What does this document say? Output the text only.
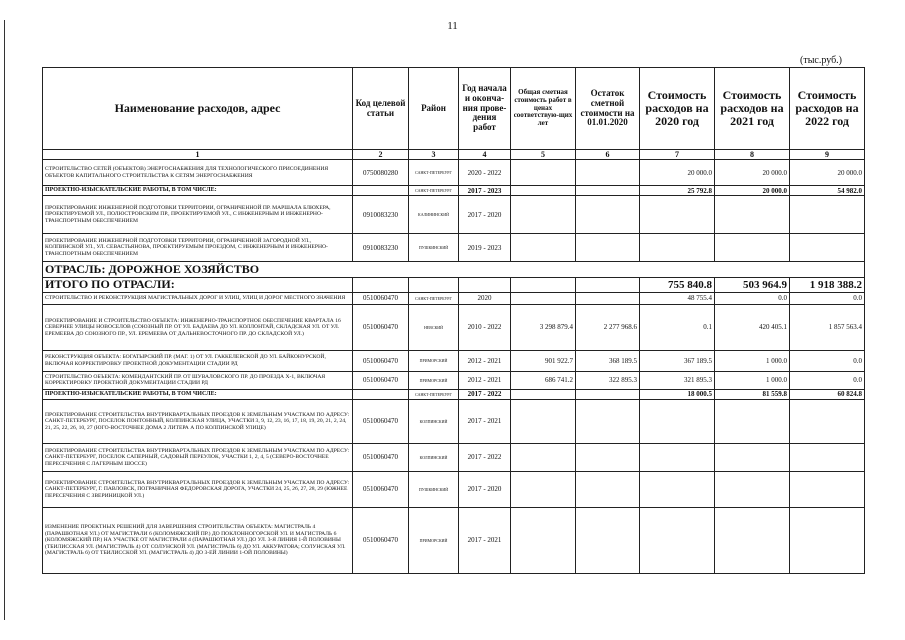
11
(тыс.руб.)
Наименование расходов, адрес	Код целевой статьи	Район	Год начала и оконча-ния прове-дения работ	Общая сметная стоимость работ в ценах соответствую-щих лет	Остаток сметной стоимости на 01.01.2020	Стоимость расходов на 2020 год	Стоимость расходов на 2021 год	Стоимость расходов на 2022 год
1	2	3	4	5	6	7	8	9
СТРОИТЕЛЬСТВО СЕТЕЙ (ОБЪЕКТОВ) ЭНЕРГОСНАБЖЕНИЯ ДЛЯ ТЕХНОЛОГИЧЕСКОГО ПРИСОЕДИНЕНИЯ ОБЪЕКТОВ КАПИТАЛЬНОГО СТРОИТЕЛЬСТВА К СЕТЯМ ЭНЕРГОСНАБЖЕНИЯ	0750080280	САНКТ-ПЕТЕРБУРГ	2020 - 2022			20 000.0	20 000.0	20 000.0
ПРОЕКТНО-ИЗЫСКАТЕЛЬСКИЕ РАБОТЫ, В ТОМ ЧИСЛЕ:		САНКТ-ПЕТЕРБУРГ	2017 - 2023			25 792.8	20 000.0	54 982.0
ПРОЕКТИРОВАНИЕ ИНЖЕНЕРНОЙ ПОДГОТОВКИ ТЕРРИТОРИИ, ОГРАНИЧЕННОЙ ПР. МАРШАЛА БЛЮХЕРА, ПРОЕКТИРУЕМОЙ УЛ., ПОЛЮСТРОВСКИМ ПР., ПРОЕКТИРУЕМОЙ УЛ., С ИНЖЕНЕРНЫМ И ИНЖЕНЕРНО-ТРАНСПОРТНЫМ ОБЕСПЕЧЕНИЕМ	0910083230	КАЛИНИНСКИЙ	2017 - 2020					
ПРОЕКТИРОВАНИЕ ИНЖЕНЕРНОЙ ПОДГОТОВКИ ТЕРРИТОРИИ, ОГРАНИЧЕННОЙ ЗАГОРОДНОЙ УЛ., КОЛПИНСКОЙ УЛ., УЛ. СЕВАСТЬЯНОВА, ПРОЕКТИРУЕМЫМ ПРОЕЗДОМ, С ИНЖЕНЕРНЫМ И ИНЖЕНЕРНО-ТРАНСПОРТНЫМ ОБЕСПЕЧЕНИЕМ	0910083230	ПУШКИНСКИЙ	2019 - 2023					
ОТРАСЛЬ: ДОРОЖНОЕ ХОЗЯЙСТВО								
ИТОГО ПО ОТРАСЛИ:						755 840.8	503 964.9	1 918 388.2
СТРОИТЕЛЬСТВО И РЕКОНСТРУКЦИЯ МАГИСТРАЛЬНЫХ ДОРОГ И УЛИЦ, УЛИЦ И ДОРОГ МЕСТНОГО ЗНАЧЕНИЯ	0510060470	САНКТ-ПЕТЕРБУРГ	2020			48 755.4	0.0	0.0
ПРОЕКТИРОВАНИЕ И СТРОИТЕЛЬСТВО ОБЪЕКТА: ИНЖЕНЕРНО-ТРАНСПОРТНОЕ ОБЕСПЕЧЕНИЕ КВАРТАЛА 16 СЕВЕРНЕЕ УЛИЦЫ НОВОСЕЛОВ (СОЮЗНЫЙ ПР. ОТ УЛ. БАДАЕВА ДО УЛ. КОЛЛОНТАЙ, СКЛАДСКАЯ УЛ. ОТ УЛ. ЕРЕМЕЕВА ДО СОЮЗНОГО ПР., УЛ. ЕРЕМЕЕВА ОТ ДАЛЬНЕВОСТОЧНОГО ПР. ДО СКЛАДСКОЙ УЛ.)	0510060470	НЕВСКИЙ	2010 - 2022	3 298 879.4	2 277 968.6	0.1	420 405.1	1 857 563.4
РЕКОНСТРУКЦИЯ ОБЪЕКТА: БОГАТЫРСКИЙ ПР. (МАГ. 1) ОТ УЛ. ГАККЕЛЕВСКОЙ ДО УЛ. БАЙКОНУРСКОЙ, ВКЛЮЧАЯ КОРРЕКТИРОВКУ ПРОЕКТНОЙ ДОКУМЕНТАЦИИ СТАДИИ РД	0510060470	ПРИМОРСКИЙ	2012 - 2021	901 922.7	368 189.5	367 189.5	1 000.0	0.0
СТРОИТЕЛЬСТВО ОБЪЕКТА: КОМЕНДАНТСКИЙ ПР. ОТ ШУВАЛОВСКОГО ПР. ДО ПРОЕЗДА Х-1, ВКЛЮЧАЯ КОРРЕКТИРОВКУ ПРОЕКТНОЙ ДОКУМЕНТАЦИИ СТАДИИ РД	0510060470	ПРИМОРСКИЙ	2012 - 2021	686 741.2	322 895.3	321 895.3	1 000.0	0.0
ПРОЕКТНО-ИЗЫСКАТЕЛЬСКИЕ РАБОТЫ, В ТОМ ЧИСЛЕ:		САНКТ-ПЕТЕРБУРГ	2017 - 2022			18 000.5	81 559.8	60 824.8
ПРОЕКТИРОВАНИЕ СТРОИТЕЛЬСТВА ВНУТРИКВАРТАЛЬНЫХ ПРОЕЗДОВ К ЗЕМЕЛЬНЫМ УЧАСТКАМ ПО АДРЕСУ: САНКТ-ПЕТЕРБУРГ, ПОСЕЛОК ПОНТОННЫЙ, КОЛПИНСКАЯ УЛИЦА, УЧАСТКИ 3, 9, 12, 23, 16, 17, 18, 19, 20, 21, 2, 24, 21, 25, 22, 26, 10, 27 (ЮГО-ВОСТОЧНЕЕ ДОМА 2 ЛИТЕРА А ПО КОЛПИНСКОЙ УЛИЦЕ)	0510060470	КОЛПИНСКИЙ	2017 - 2021					
ПРОЕКТИРОВАНИЕ СТРОИТЕЛЬСТВА ВНУТРИКВАРТАЛЬНЫХ ПРОЕЗДОВ К ЗЕМЕЛЬНЫМ УЧАСТКАМ ПО АДРЕСУ: САНКТ-ПЕТЕРБУРГ, ПОСЕЛОК САПЕРНЫЙ, САДОВЫЙ ПЕРЕУЛОК, УЧАСТКИ 1, 2, 4, 5 (СЕВЕРО-ВОСТОЧНЕЕ ПЕРЕСЕЧЕНИЯ С ЛАГЕРНЫМ ШОССЕ)	0510060470	КОЛПИНСКИЙ	2017 - 2022					
ПРОЕКТИРОВАНИЕ СТРОИТЕЛЬСТВА ВНУТРИКВАРТАЛЬНЫХ ПРОЕЗДОВ К ЗЕМЕЛЬНЫМ УЧАСТКАМ ПО АДРЕСУ: САНКТ-ПЕТЕРБУРГ, Г. ПАВЛОВСК, ПОГРАНИЧНАЯ ФЕДОРОВСКАЯ ДОРОГА, УЧАСТКИ 24, 25, 26, 27, 28, 29 (ЮЖНЕЕ ПЕРЕСЕЧЕНИЯ С ЗВЕРИНИЦКОЙ УЛ.)	0510060470	ПУШКИНСКИЙ	2017 - 2020					
ИЗМЕНЕНИЕ ПРОЕКТНЫХ РЕШЕНИЙ ДЛЯ ЗАВЕРШЕНИЯ СТРОИТЕЛЬСТВА ОБЪЕКТА: МАГИСТРАЛЬ 4 (ПАРАШЮТНАЯ УЛ.) ОТ МАГИСТРАЛИ 6 (КОЛОМЯЖСКИЙ ПР.) ДО ПОКЛОННОГОРСКОЙ УЛ. И МАГИСТРАЛЬ 6 (КОЛОМЯЖСКИЙ ПР.) НА УЧАСТКЕ ОТ МАГИСТРАЛИ 4 (ПАРАШЮТНАЯ УЛ.) ДО УЛ. 3-Я ЛИНИЯ 1-Й ПОЛОВИНЫ (ТБИЛИССКАЯ УЛ. (МАГИСТРАЛЬ 4) ОТ СОЛУНСКОЙ УЛ. (МАГИСТРАЛЬ 6) ДО УЛ. АККУРАТОВА; СОЛУНСКАЯ УЛ. (МАГИСТРАЛЬ 6) ОТ ТБИЛИССКОЙ УЛ. (МАГИСТРАЛЬ 4) ДО 3-ЕЙ ЛИНИИ 1-ОЙ ПОЛОВИНЫ)	0510060470	ПРИМОРСКИЙ	2017 - 2021					
